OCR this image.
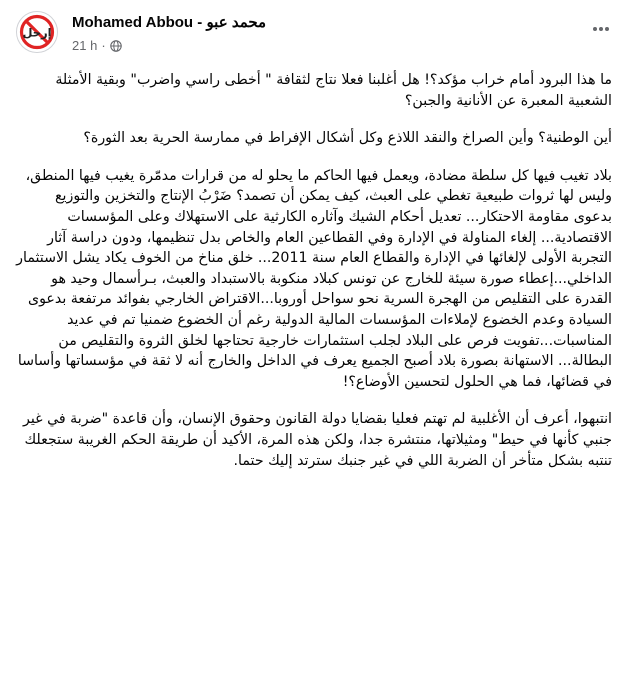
إرحل
Mohamed Abbou - محمد عبو
21 h ·

ما هذا البرود أمام خراب مؤكد؟! هل أغلبنا فعلا نتاج لثقافة " أخطى راسي واضرب" وبقية الأمثلة الشعبية المعبرة عن الأنانية والجبن؟

أين الوطنية؟ وأين الصراخ والنقد اللاذع وكل أشكال الإفراط في ممارسة الحرية بعد الثورة؟

بلاد تغيب فيها كل سلطة مضادة، ويعمل فيها الحاكم ما يحلو له من قرارات مدمّرة يغيب فيها المنطق، وليس لها ثروات طبيعية تغطي على العبث، كيف يمكن أن تصمد؟ ضَرْبُ الإنتاج والتخزين والتوزيع بدعوى مقاومة الاحتكار... تعديل أحكام الشيك وآثاره الكارثية على الاستهلاك وعلى المؤسسات الاقتصادية... إلغاء المناولة في الإدارة وفي القطاعين العام والخاص بدل تنظيمها، ودون دراسة آثار التجربة الأولى لإلغائها في الإدارة والقطاع العام سنة 2011... خلق مناخ من الخوف يكاد يشل الاستثمار الداخلي...إعطاء صورة سيئة للخارج عن تونس كبلاد منكوبة بالاستبداد والعبث، بـرأسمال وحيد هو القدرة على التقليص من الهجرة السرية نحو سواحل أوروبا...الاقتراض الخارجي بفوائد مرتفعة بدعوى السيادة وعدم الخضوع لإملاءات المؤسسات المالية الدولية رغم أن الخضوع ضمنيا تم في عديد المناسبات...تفويت فرص على البلاد لجلب استثمارات خارجية تحتاجها لخلق الثروة والتقليص من البطالة... الاستهانة بصورة بلاد أصبح الجميع يعرف في الداخل والخارج أنه لا ثقة في مؤسساتها وأساسا في قضائها، فما هي الحلول لتحسين الأوضاع؟!

انتبهوا، أعرف أن الأغلبية لم تهتم فعليا بقضايا دولة القانون وحقوق الإنسان، وأن قاعدة "ضربة في غير جنبي كأنها في حيط" ومثيلاتها، منتشرة جدا، ولكن هذه المرة، الأكيد أن طريقة الحكم الغريبة ستجعلك تنتبه بشكل متأخر أن الضربة اللي في غير جنبك سترتد إليك حتما.
